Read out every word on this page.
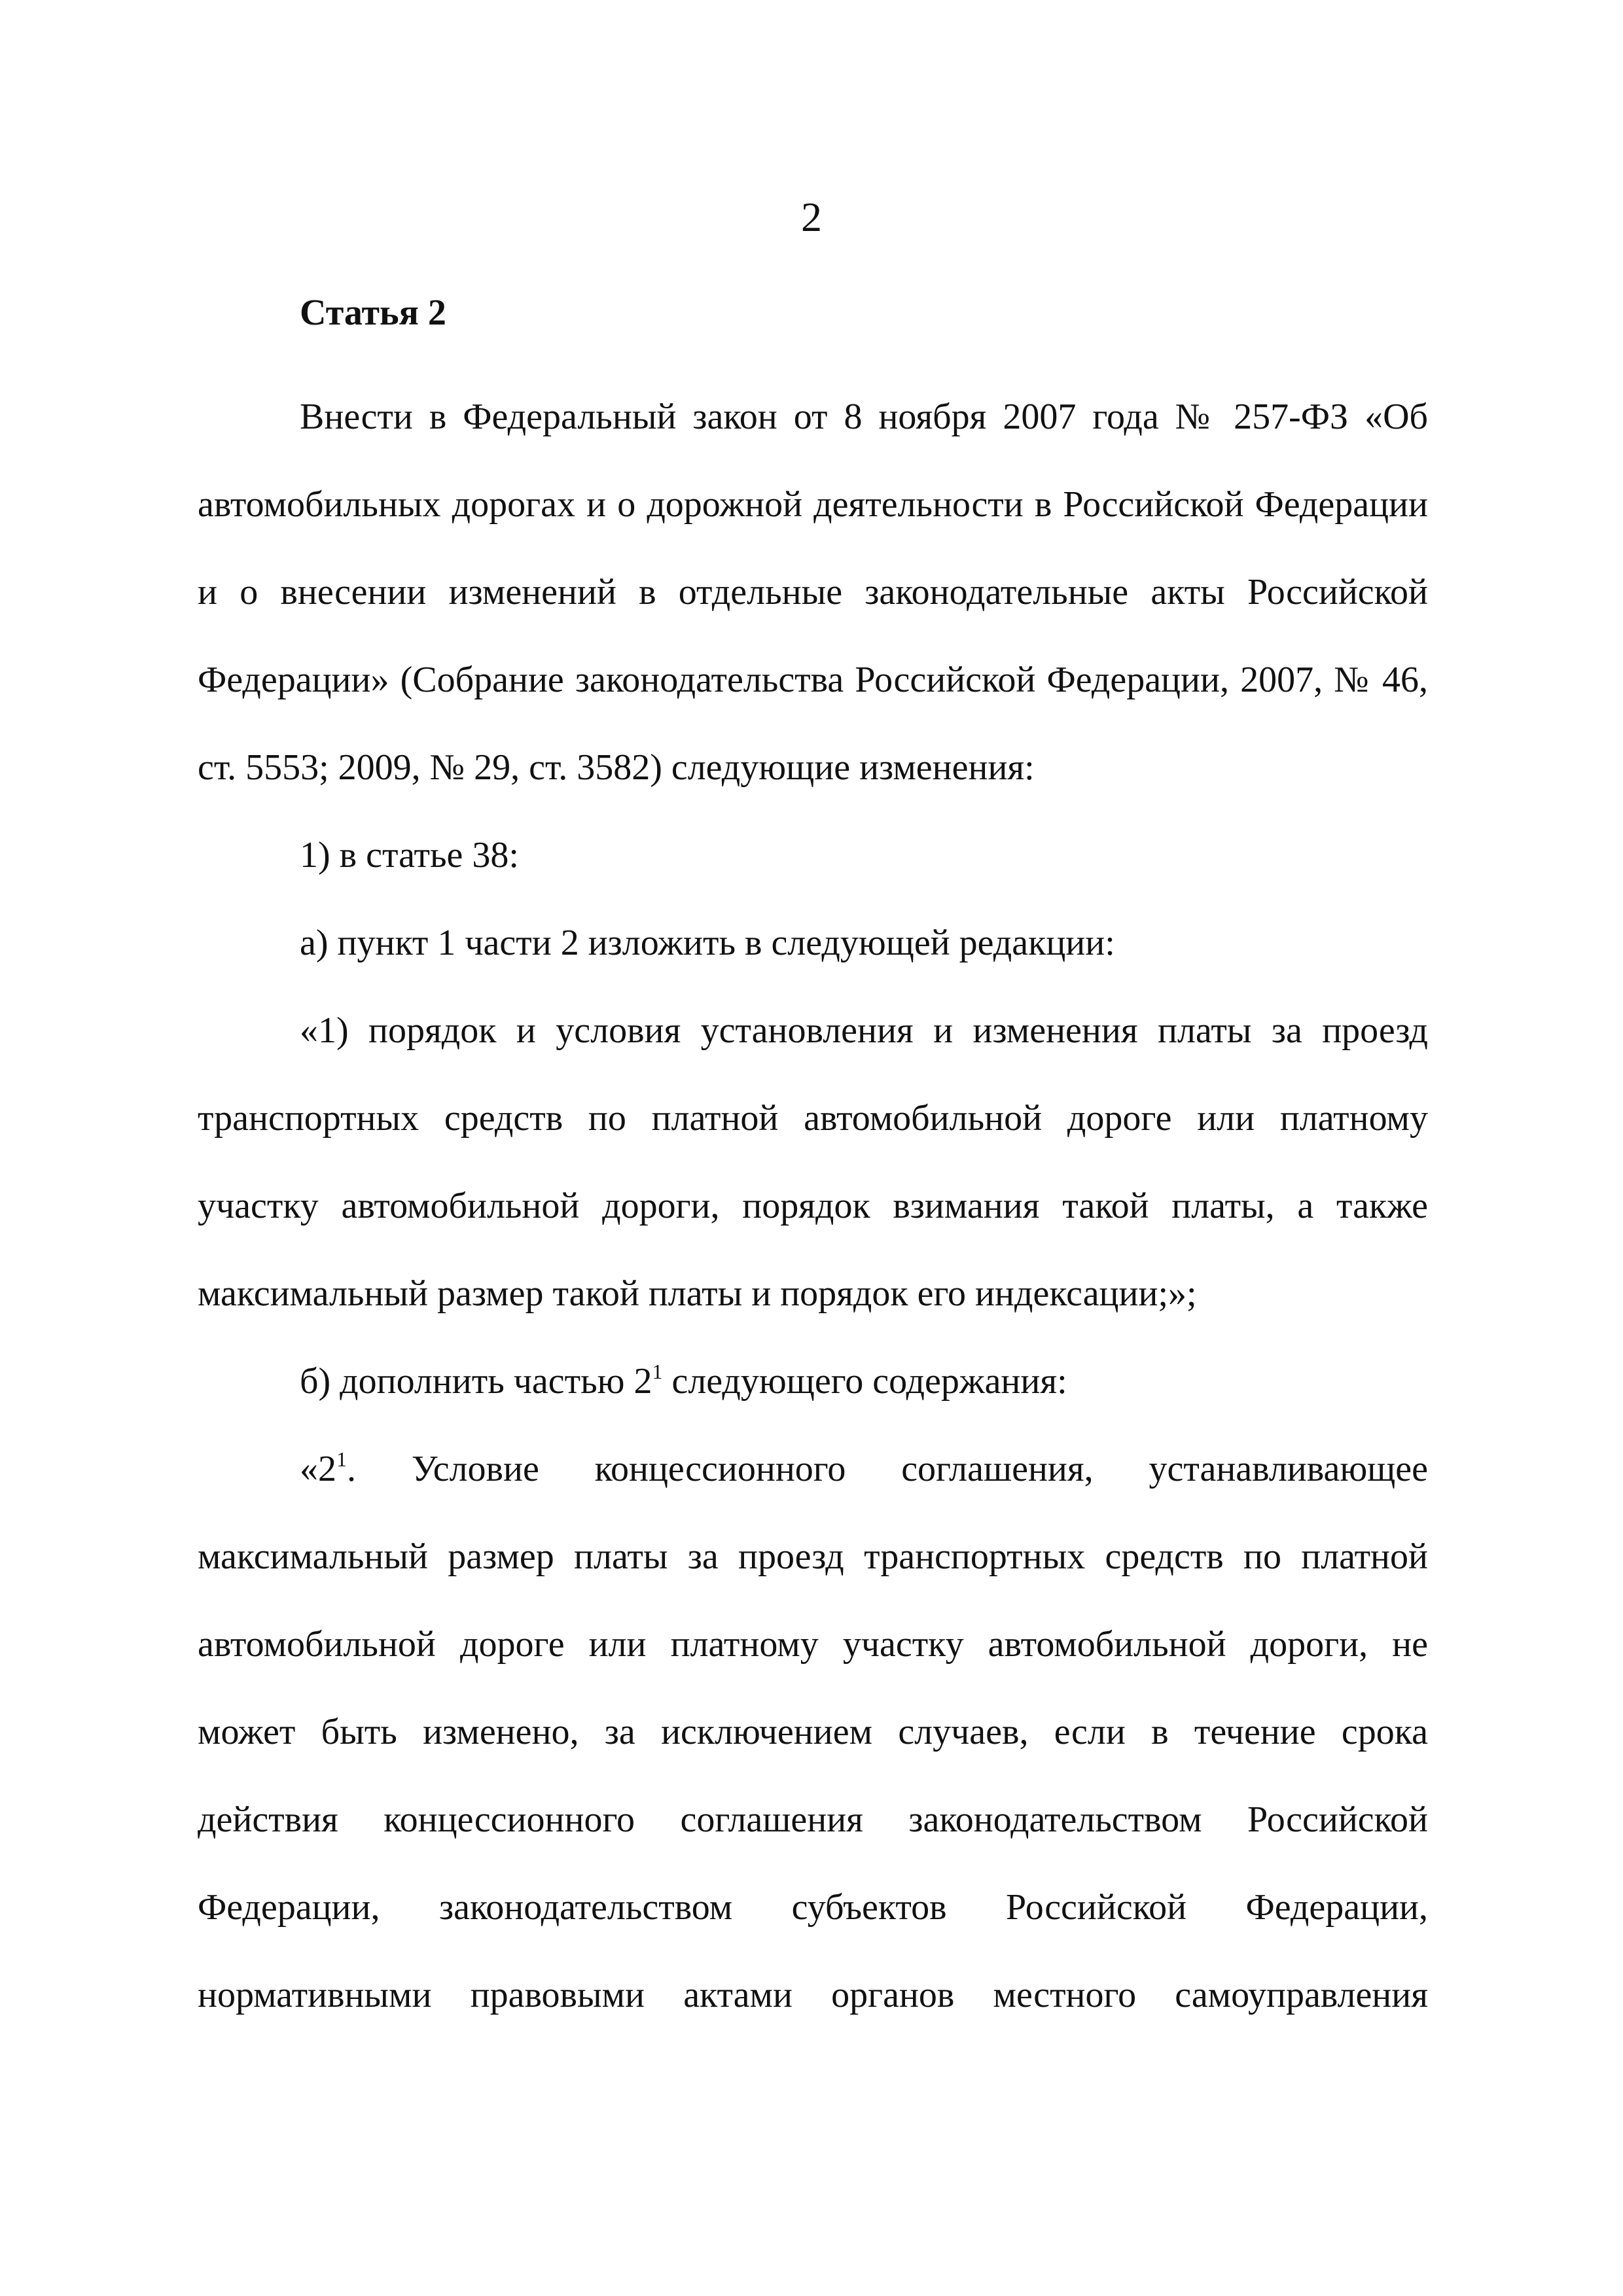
2
Статья 2

Внести в Федеральный закон от 8 ноября 2007 года № 257-ФЗ «Об автомобильных дорогах и о дорожной деятельности в Российской Федерации и о внесении изменений в отдельные законодательные акты Российской Федерации» (Собрание законодательства Российской Федерации, 2007, № 46, ст. 5553; 2009, № 29, ст. 3582) следующие изменения:

1) в статье 38:

а) пункт 1 части 2 изложить в следующей редакции:

«1) порядок и условия установления и изменения платы за проезд транспортных средств по платной автомобильной дороге или платному участку автомобильной дороги, порядок взимания такой платы, а также максимальный размер такой платы и порядок его индексации;»;

б) дополнить частью $2^1$ следующего содержания:

«$2^1$. Условие концессионного соглашения, устанавливающее максимальный размер платы за проезд транспортных средств по платной автомобильной дороге или платному участку автомобильной дороги, не может быть изменено, за исключением случаев, если в течение срока действия концессионного соглашения законодательством Российской Федерации, законодательством субъектов Российской Федерации, нормативными правовыми актами органов местного самоуправления
